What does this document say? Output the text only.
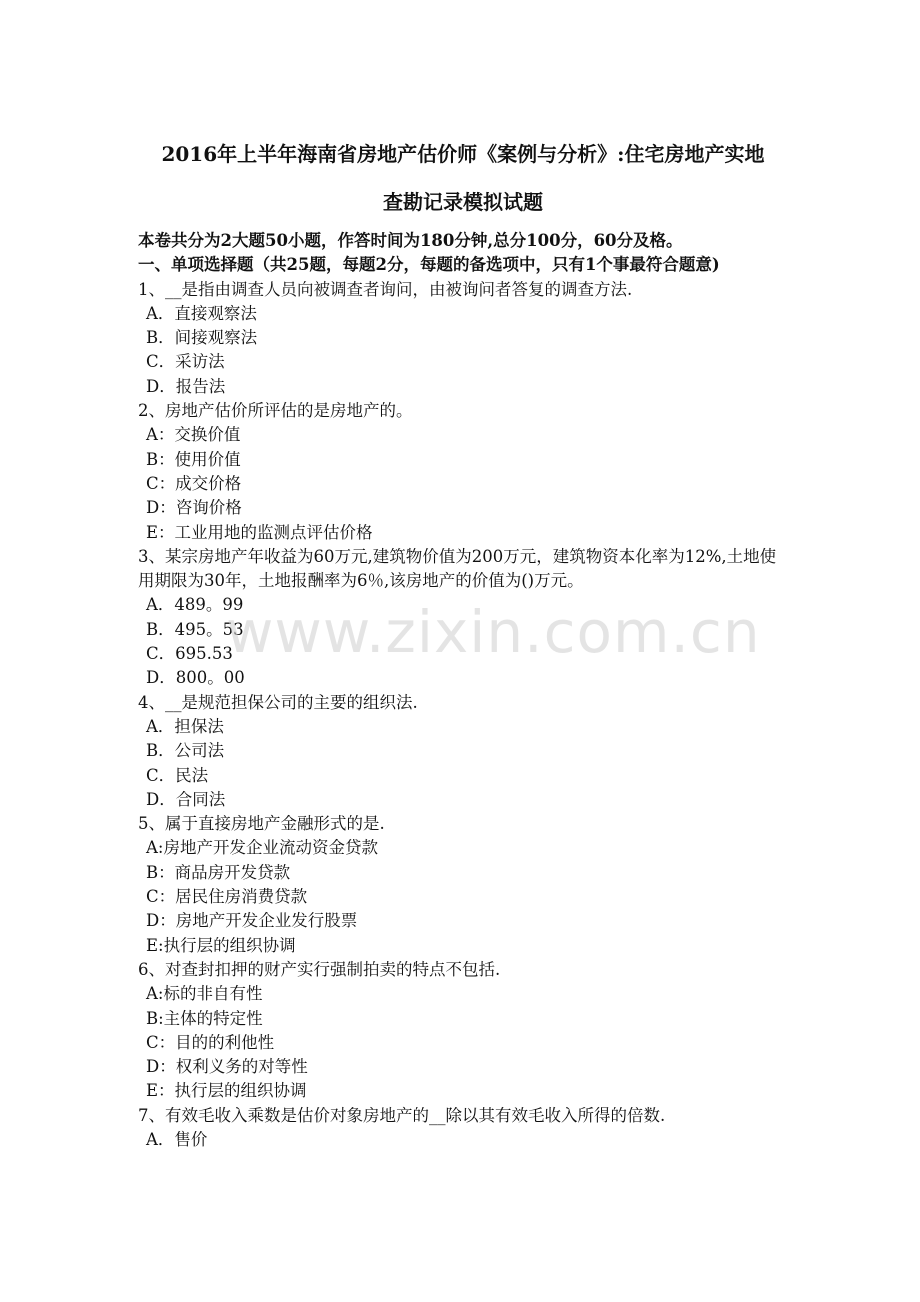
2016年上半年海南省房地产估价师《案例与分析》:住宅房地产实地
查勘记录模拟试题
本卷共分为2大题50小题，作答时间为180分钟,总分100分，60分及格。
一、单项选择题（共25题，每题2分，每题的备选项中，只有1个事最符合题意)
1、__是指由调查人员向被调查者询问，由被询问者答复的调查方法.
A．直接观察法
B．间接观察法
C．采访法
D．报告法
2、房地产估价所评估的是房地产的。
A：交换价值
B：使用价值
C：成交价格
D：咨询价格
E：工业用地的监测点评估价格
3、某宗房地产年收益为60万元,建筑物价值为200万元，建筑物资本化率为12%,土地使用期限为30年，土地报酬率为6％,该房地产的价值为()万元。
A．489。99
B．495。53
C．695.53
D．800。00
4、__是规范担保公司的主要的组织法.
A．担保法
B．公司法
C．民法
D．合同法
5、属于直接房地产金融形式的是.
A:房地产开发企业流动资金贷款
B：商品房开发贷款
C：居民住房消费贷款
D：房地产开发企业发行股票
E:执行层的组织协调
6、对查封扣押的财产实行强制拍卖的特点不包括.
A:标的非自有性
B:主体的特定性
C：目的的利他性
D：权利义务的对等性
E：执行层的组织协调
7、有效毛收入乘数是估价对象房地产的__除以其有效毛收入所得的倍数.
A．售价
www.zixin.com.cn
